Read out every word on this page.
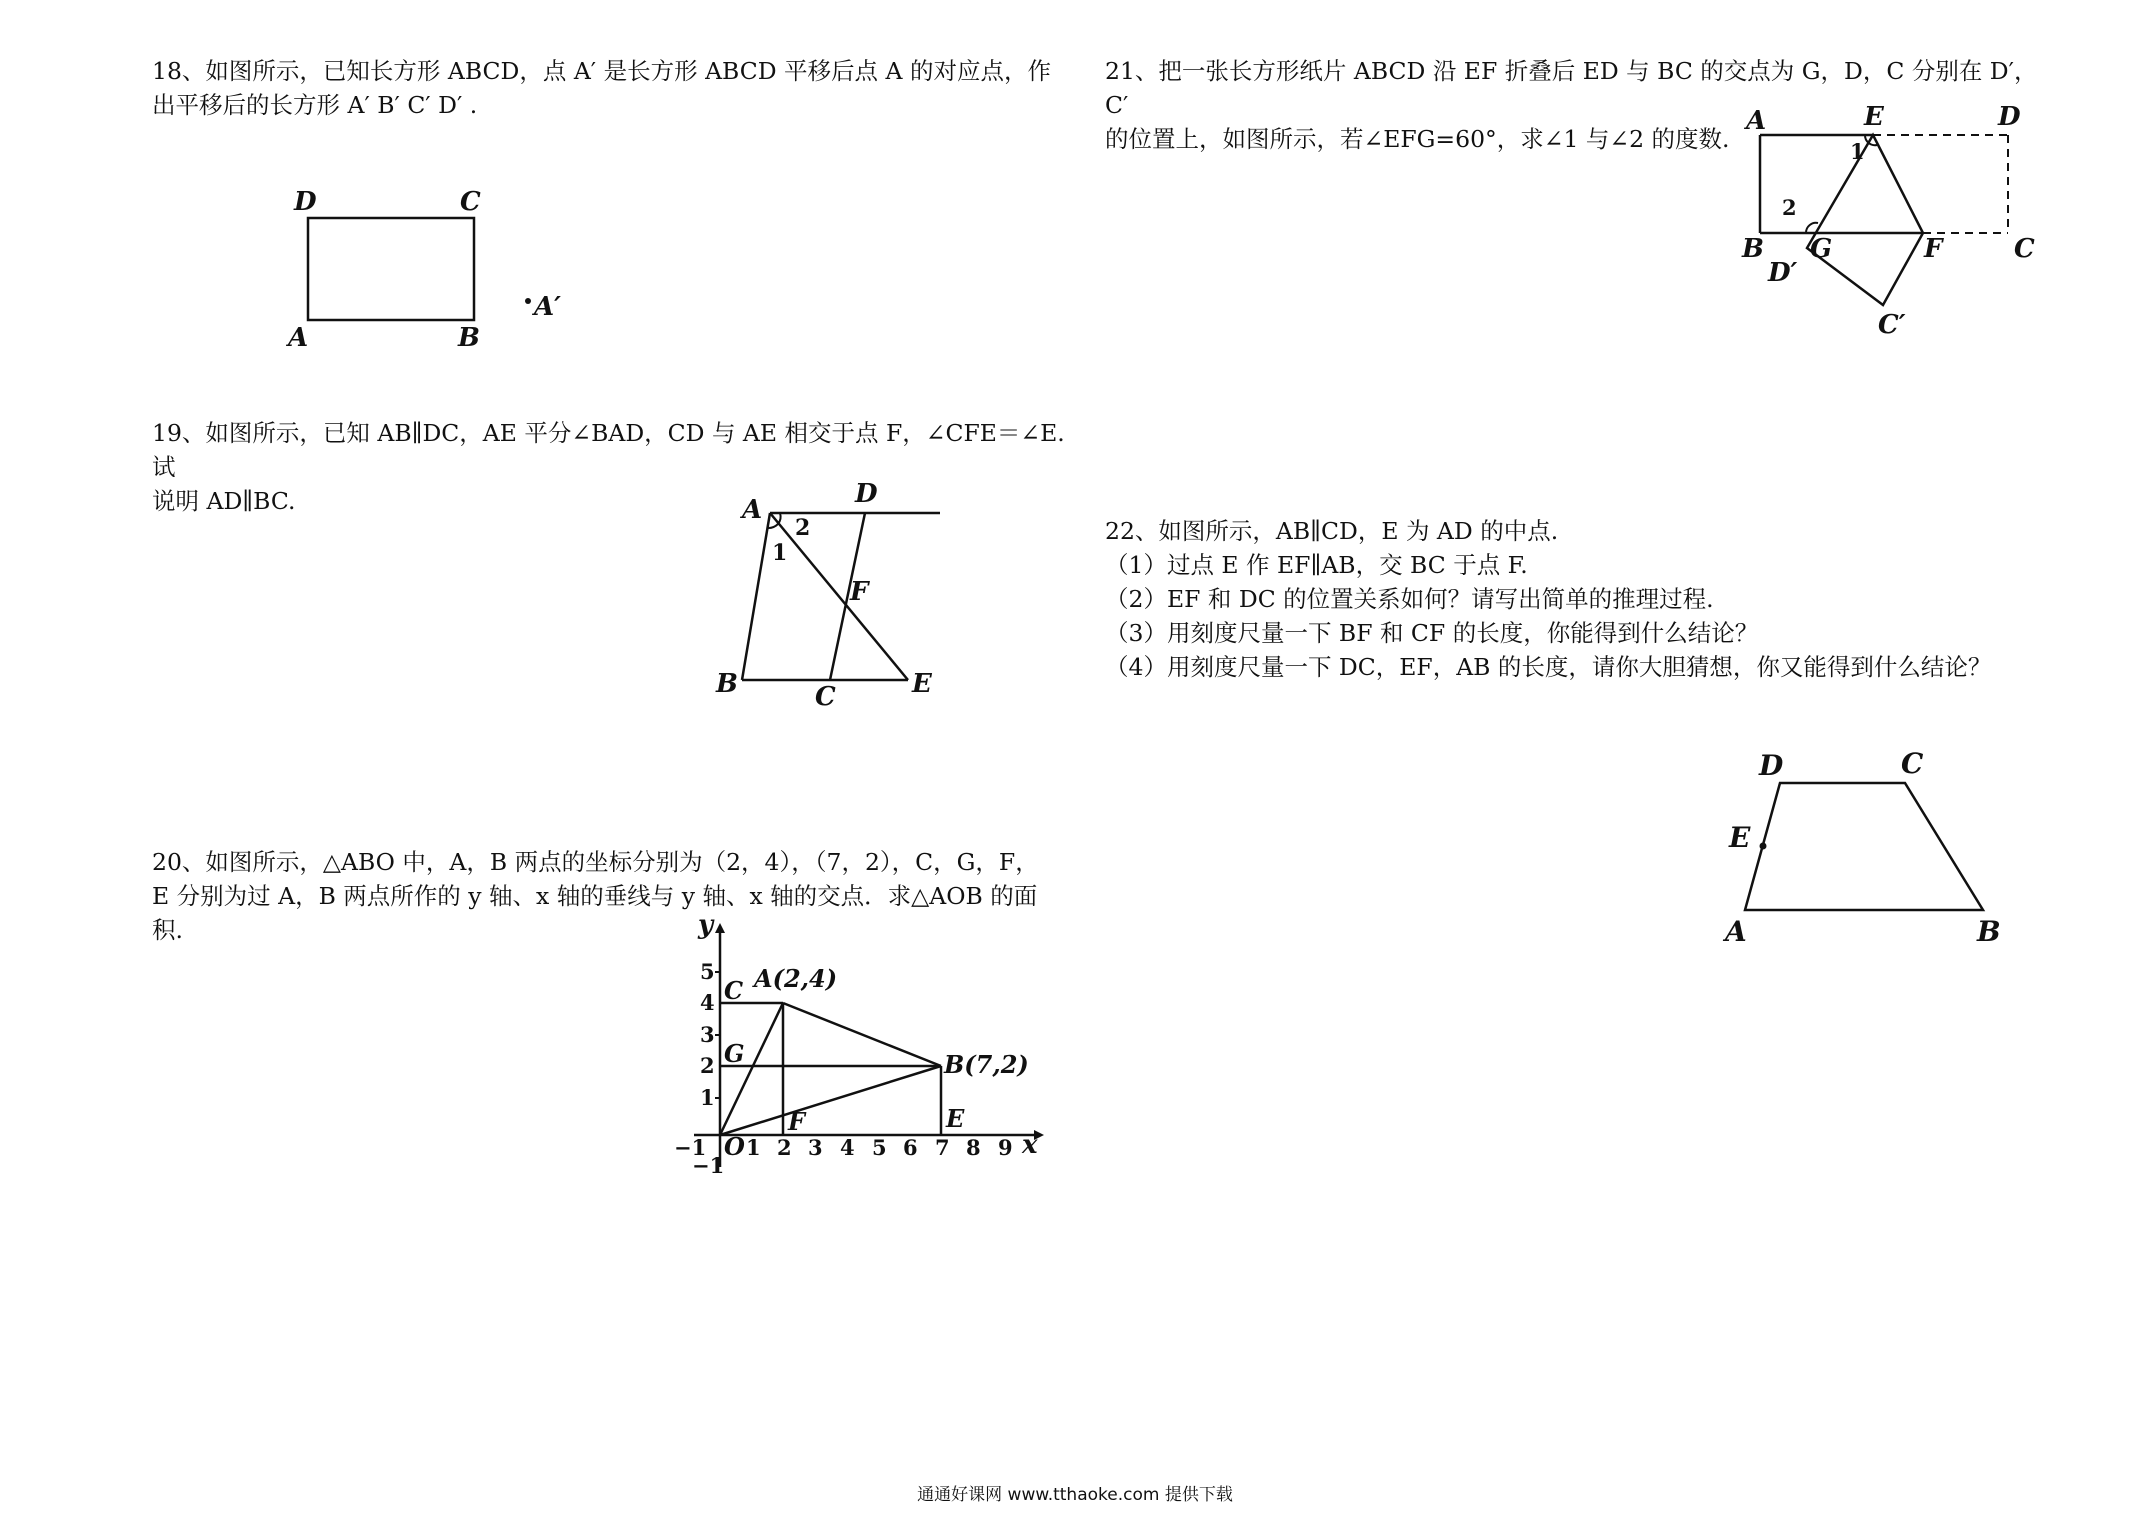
18、如图所示，已知长方形 ABCD，点 A′ 是长方形 ABCD 平移后点 A 的对应点，作

出平移后的长方形 A′ B′ C′ D′ .

D	C
A	B
A′

19、如图所示，已知 AB∥DC，AE 平分∠BAD，CD 与 AE 相交于点 F，∠CFE＝∠E. 试

说明 AD∥BC.	A
D
F
B	C	E
2
1

20、如图所示，△ABO 中，A，B 两点的坐标分别为（2，4），（7，2），C，G，F，

E 分别为过 A，B 两点所作的 y 轴、x 轴的垂线与 y 轴、x 轴的交点．求△AOB 的面

积.	y
x
5
4
3
2
1
−1
−1 1 2 3 4 5 6 7 8 9
O
C
G
F	E
A(2,4)
B(7,2)

21、把一张长方形纸片 ABCD 沿 EF 折叠后 ED 与 BC 的交点为 G，D，C 分别在 D′，C′

的位置上，如图所示，若∠EFG=60°，求∠1 与∠2 的度数.

A	E	D
B G	F	C
D′
C′
1
2

22、如图所示，AB∥CD，E 为 AD 的中点.

（1）过点 E 作 EF∥AB，交 BC 于点 F.

（2）EF 和 DC 的位置关系如何？请写出简单的推理过程.

（3）用刻度尺量一下 BF 和 CF 的长度，你能得到什么结论？

（4）用刻度尺量一下 DC，EF，AB 的长度，请你大胆猜想，你又能得到什么结论？

D	C
E
A	B
通通好课网 www.tthaoke.com 提供下载
